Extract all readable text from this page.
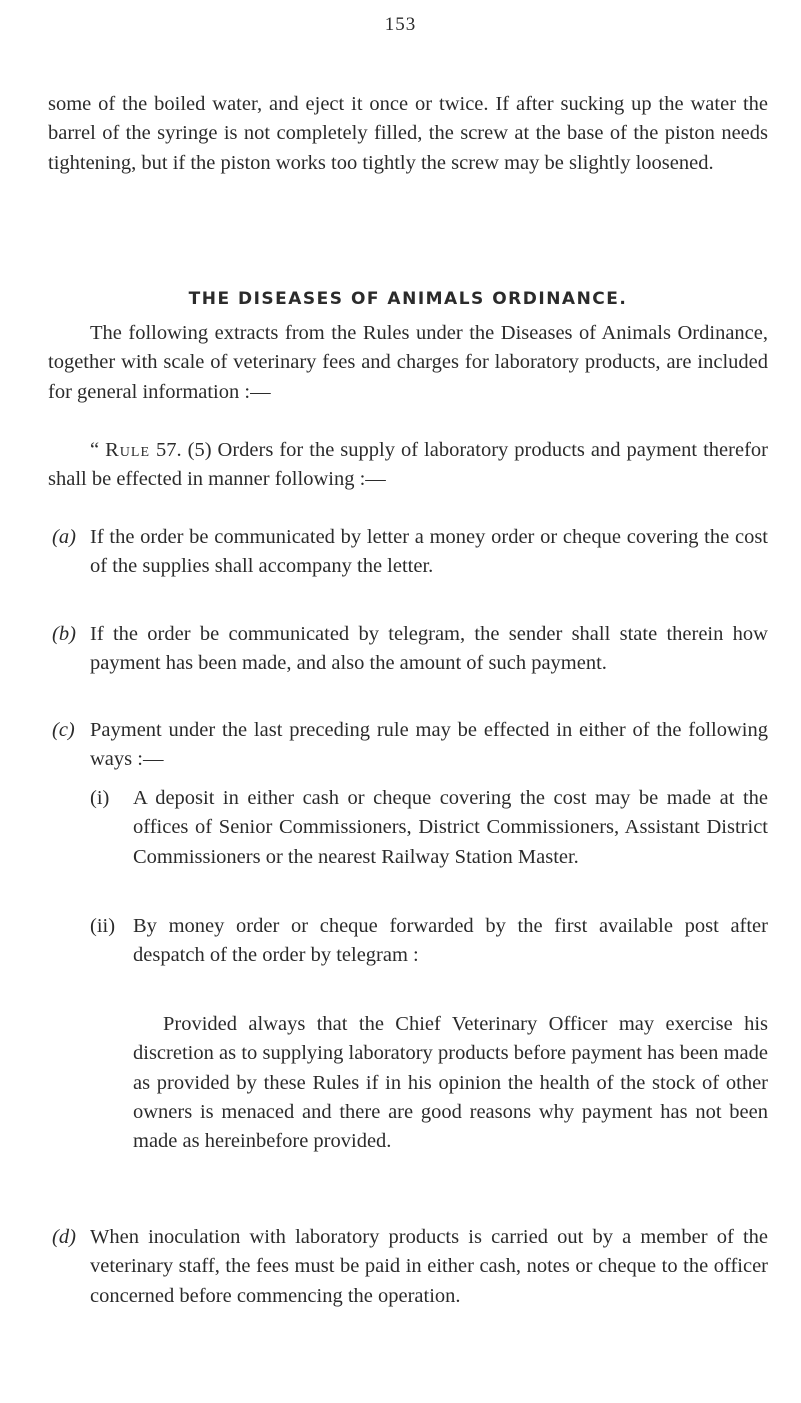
153
some of the boiled water, and eject it once or twice. If after sucking up the water the barrel of the syringe is not completely filled, the screw at the base of the piston needs tightening, but if the piston works too tightly the screw may be slightly loosened.
THE DISEASES OF ANIMALS ORDINANCE.
The following extracts from the Rules under the Diseases of Animals Ordinance, together with scale of veterinary fees and charges for laboratory products, are included for general information :—
“ Rule 57. (5) Orders for the supply of laboratory products and payment therefor shall be effected in manner following :—
(a) If the order be communicated by letter a money order or cheque covering the cost of the supplies shall accompany the letter.
(b) If the order be communicated by telegram, the sender shall state therein how payment has been made, and also the amount of such payment.
(c) Payment under the last preceding rule may be effected in either of the following ways :—
(i) A deposit in either cash or cheque covering the cost may be made at the offices of Senior Commissioners, District Commissioners, Assistant District Commissioners or the nearest Railway Station Master.
(ii) By money order or cheque forwarded by the first available post after despatch of the order by telegram :
Provided always that the Chief Veterinary Officer may exercise his discretion as to supplying laboratory products before payment has been made as provided by these Rules if in his opinion the health of the stock of other owners is menaced and there are good reasons why payment has not been made as hereinbefore provided.
(d) When inoculation with laboratory products is carried out by a member of the veterinary staff, the fees must be paid in either cash, notes or cheque to the officer concerned before commencing the operation.
